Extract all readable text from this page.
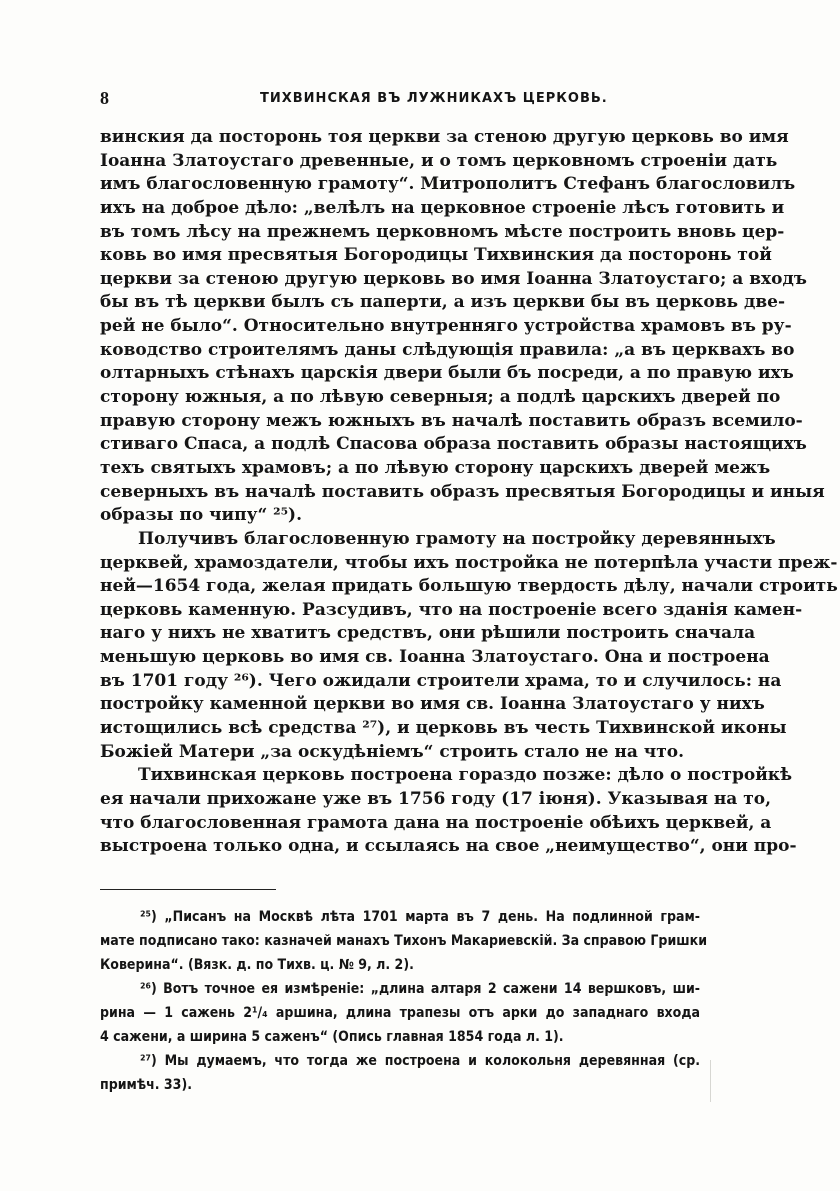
8	ТИХВИНСКАЯ ВЪ ЛУЖНИКАХЪ ЦЕРКОВЬ.
винския да посторонь тоя церкви за стеною другую церковь во имя
Іоанна Златоустаго древенные, и о томъ церковномъ строеніи дать
имъ благословенную грамоту“. Митрополитъ Стефанъ благословилъ
ихъ на доброе дѣло: „велѣлъ на церковное строеніе лѣсъ готовить и
въ томъ лѣсу на прежнемъ церковномъ мѣсте построить вновь цер-
ковь во имя пресвятыя Богородицы Тихвинския да посторонь той
церкви за стеною другую церковь во имя Іоанна Златоустаго; а входъ
бы въ тѣ церкви былъ съ паперти, а изъ церкви бы въ церковь две-
рей не было“. Относительно внутренняго устройства храмовъ въ ру-
ководство строителямъ даны слѣдующія правила: „а въ церквахъ во
олтарныхъ стѣнахъ царскія двери были бъ посреди, а по правую ихъ
сторону южныя, а по лѣвую северныя; а подлѣ царскихъ дверей по
правую сторону межъ южныхъ въ началѣ поставить образъ всемило-
стиваго Спаса, а подлѣ Спасова образа поставить образы настоящихъ
техъ святыхъ храмовъ; а по лѣвую сторону царскихъ дверей межъ
северныхъ въ началѣ поставить образъ пресвятыя Богородицы и иныя
образы по чипу“ ²⁵).
Получивъ благословенную грамоту на постройку деревянныхъ
церквей, храмоздатели, чтобы ихъ постройка не потерпѣла участи преж-
ней—1654 года, желая придать большую твердость дѣлу, начали строить
церковь каменную. Разсудивъ, что на построеніе всего зданія камен-
наго у нихъ не хватитъ средствъ, они рѣшили построить сначала
меньшую церковь во имя св. Іоанна Златоустаго. Она и построена
въ 1701 году ²⁶). Чего ожидали строители храма, то и случилось: на
постройку каменной церкви во имя св. Іоанна Златоустаго у нихъ
истощились всѣ средства ²⁷), и церковь въ честь Тихвинской иконы
Божіей Матери „за оскудѣніемъ“ строить стало не на что.
Тихвинская церковь построена гораздо позже: дѣло о постройкѣ
ея начали прихожане уже въ 1756 году (17 іюня). Указывая на то,
что благословенная грамота дана на построеніе обѣихъ церквей, а
выстроена только одна, и ссылаясь на свое „неимущество“, они про-
²⁵) „Писанъ на Москвѣ лѣта 1701 марта въ 7 день. На подлинной грам-
мате подписано тако: казначей манахъ Тихонъ Макариевскій. За справою Гришки
Коверина“. (Вязк. д. по Тихв. ц. № 9, л. 2).
²⁶) Вотъ точное ея измѣреніе: „длина алтаря 2 сажени 14 вершковъ, ши-
рина — 1 сажень 2¹/₄ аршина, длина трапезы отъ арки до западнаго входа
4 сажени, а ширина 5 саженъ“ (Опись главная 1854 года л. 1).
²⁷) Мы думаемъ, что тогда же построена и колокольня деревянная (ср.
примѣч. 33).
